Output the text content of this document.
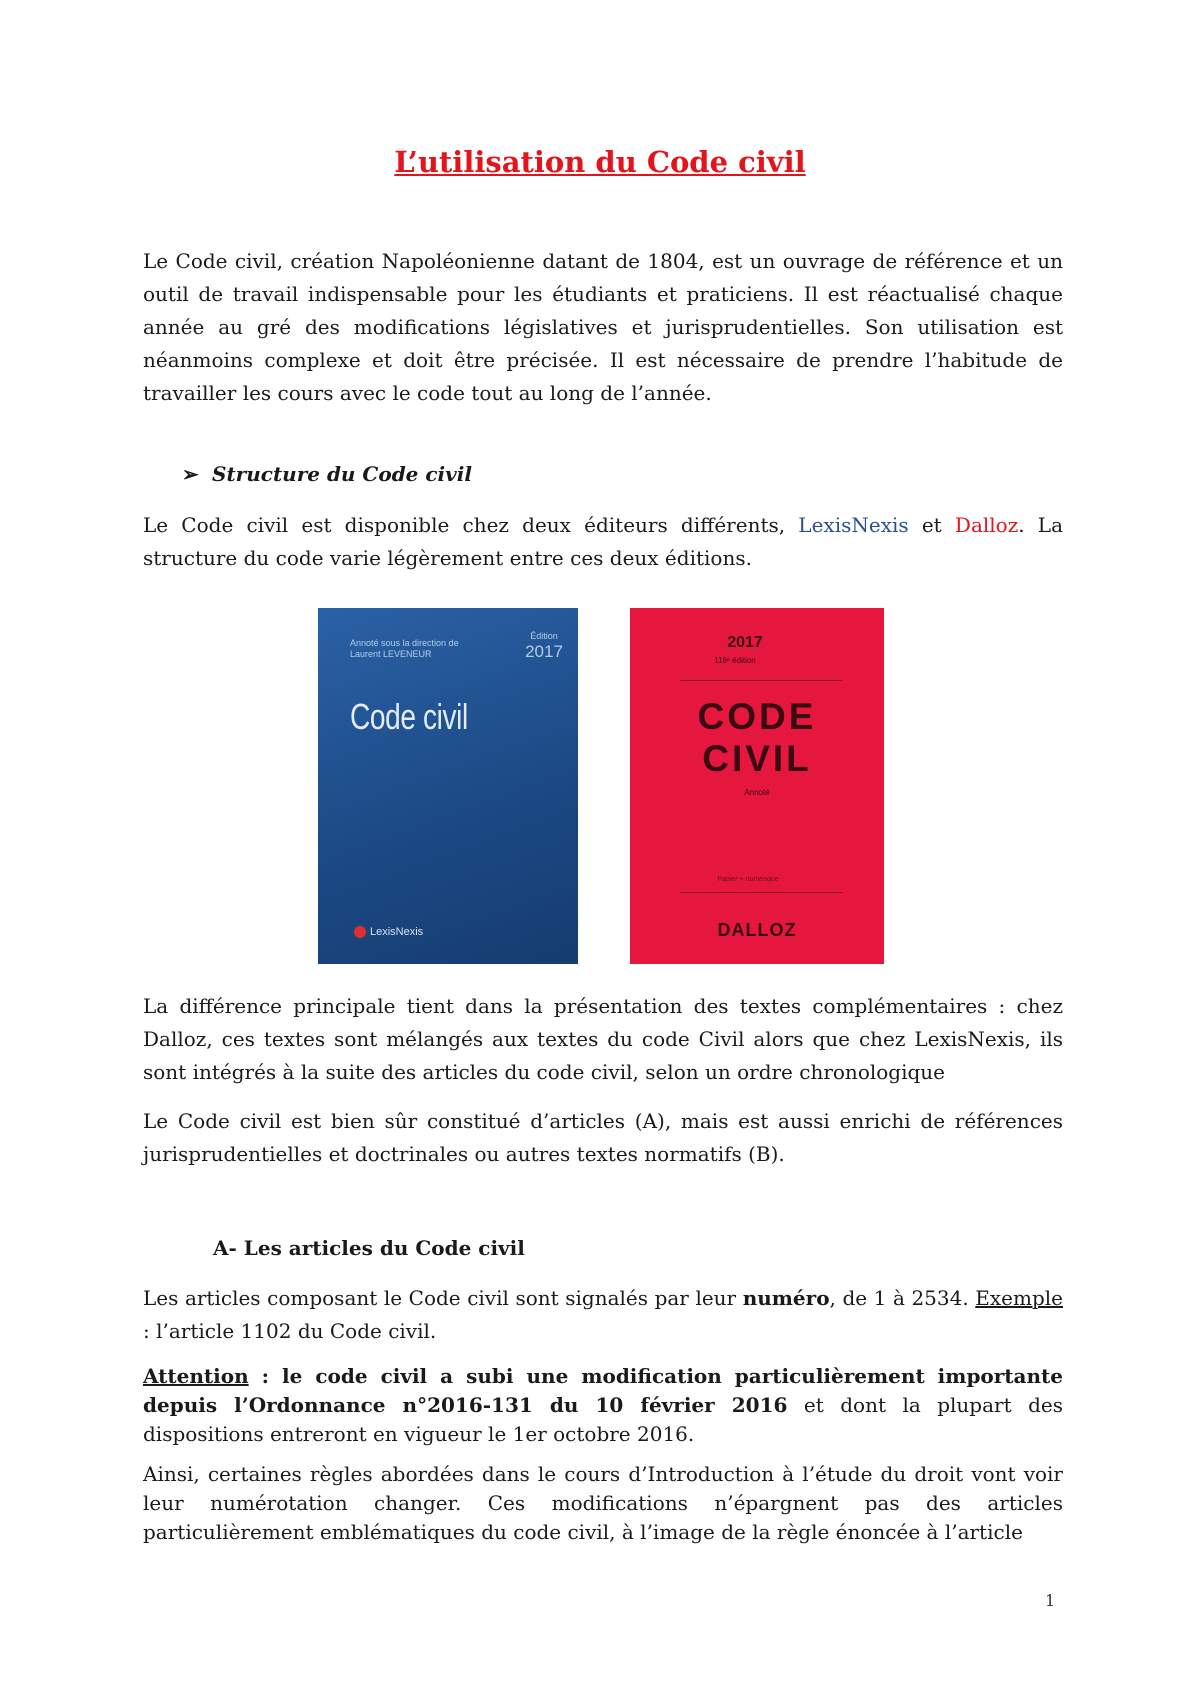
L’utilisation du Code civil

Le Code civil, création Napoléonienne datant de 1804, est un ouvrage de référence et un outil de travail indispensable pour les étudiants et praticiens. Il est réactualisé chaque année au gré des modifications législatives et jurisprudentielles. Son utilisation est néanmoins complexe et doit être précisée. Il est nécessaire de prendre l’habitude de travailler les cours avec le code tout au long de l’année.

➢ Structure du Code civil

Le Code civil est disponible chez deux éditeurs différents, LexisNexis et Dalloz. La structure du code varie légèrement entre ces deux éditions.

Annoté sous la direction de
Laurent LEVENEUR
Édition
2017
Code civil
LexisNexis
2017
116ᵉ édition
CODE
CIVIL
Annoté
Papier + numérique
DALLOZ

La différence principale tient dans la présentation des textes complémentaires : chez Dalloz, ces textes sont mélangés aux textes du code Civil alors que chez LexisNexis, ils sont intégrés à la suite des articles du code civil, selon un ordre chronologique

Le Code civil est bien sûr constitué d’articles (A), mais est aussi enrichi de références jurisprudentielles et doctrinales ou autres textes normatifs (B).

A- Les articles du Code civil

Les articles composant le Code civil sont signalés par leur numéro, de 1 à 2534. Exemple : l’article 1102 du Code civil.

Attention : le code civil a subi une modification particulièrement importante depuis l’Ordonnance n°2016-131 du 10 février 2016 et dont la plupart des dispositions entreront en vigueur le 1er octobre 2016.

Ainsi, certaines règles abordées dans le cours d’Introduction à l’étude du droit vont voir leur numérotation changer. Ces modifications n’épargnent pas des articles particulièrement emblématiques du code civil, à l’image de la règle énoncée à l’article

1
